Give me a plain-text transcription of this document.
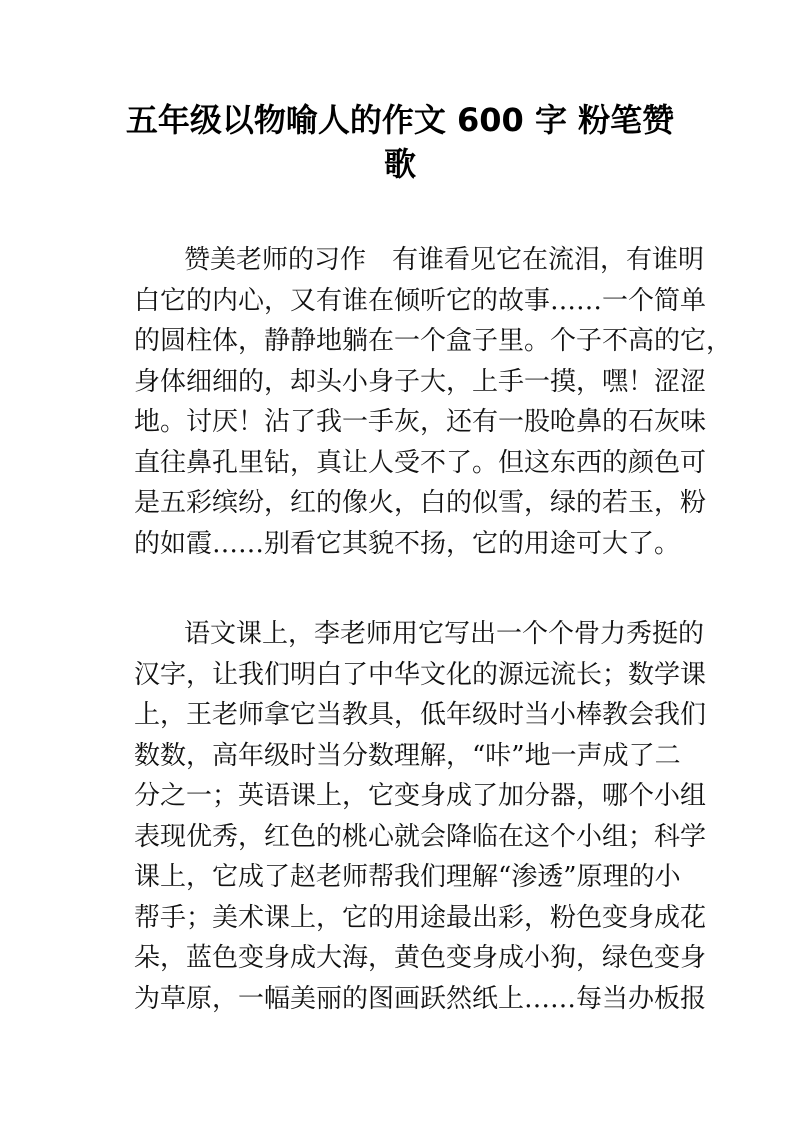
五年级以物喻人的作文 600 字 粉笔赞
歌

赞美老师的习作　有谁看见它在流泪，有谁明
白它的内心，又有谁在倾听它的故事……一个简单
的圆柱体，静静地躺在一个盒子里。个子不高的它，
身体细细的，却头小身子大，上手一摸，嘿！涩涩
地。讨厌！沾了我一手灰，还有一股呛鼻的石灰味
直往鼻孔里钻，真让人受不了。但这东西的颜色可
是五彩缤纷，红的像火，白的似雪，绿的若玉，粉
的如霞……别看它其貌不扬，它的用途可大了。

语文课上，李老师用它写出一个个骨力秀挺的
汉字，让我们明白了中华文化的源远流长；数学课
上，王老师拿它当教具，低年级时当小棒教会我们
数数，高年级时当分数理解，“咔”地一声成了二
分之一；英语课上，它变身成了加分器，哪个小组
表现优秀，红色的桃心就会降临在这个小组；科学
课上，它成了赵老师帮我们理解“渗透”原理的小
帮手；美术课上，它的用途最出彩，粉色变身成花
朵，蓝色变身成大海，黄色变身成小狗，绿色变身
为草原，一幅美丽的图画跃然纸上……每当办板报
